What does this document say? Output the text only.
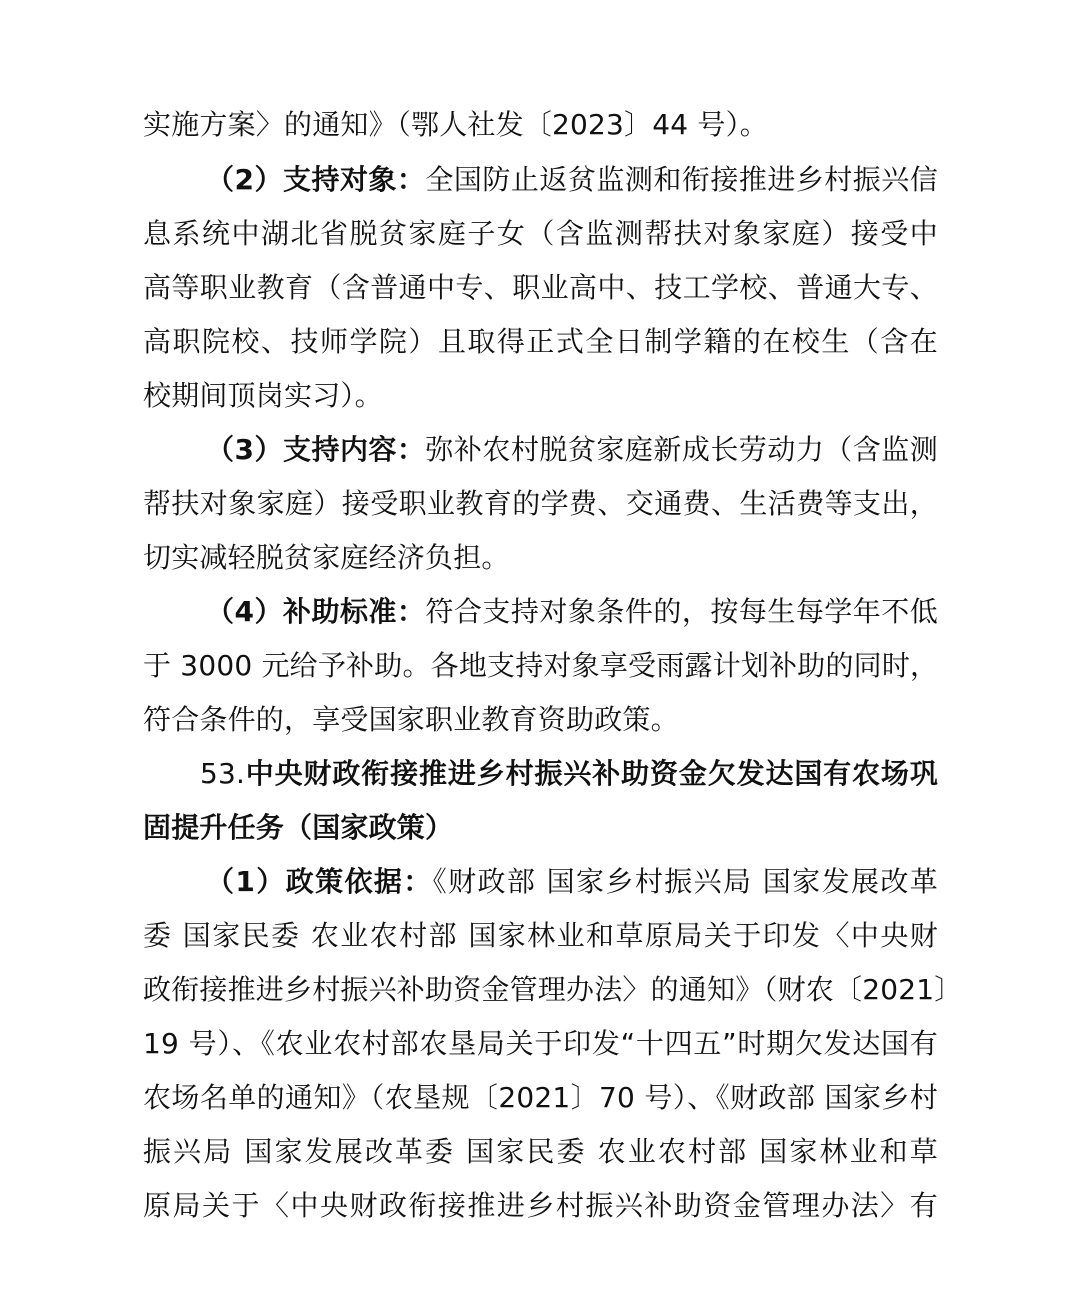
实施方案〉的通知》（鄂人社发〔2023〕44 号）。
（2）支持对象：全国防止返贫监测和衔接推进乡村振兴信
息系统中湖北省脱贫家庭子女（含监测帮扶对象家庭）接受中
高等职业教育（含普通中专、职业高中、技工学校、普通大专、
高职院校、技师学院）且取得正式全日制学籍的在校生（含在
校期间顶岗实习）。
（3）支持内容：弥补农村脱贫家庭新成长劳动力（含监测
帮扶对象家庭）接受职业教育的学费、交通费、生活费等支出，
切实减轻脱贫家庭经济负担。
（4）补助标准：符合支持对象条件的，按每生每学年不低
于 3000 元给予补助。各地支持对象享受雨露计划补助的同时，
符合条件的，享受国家职业教育资助政策。
53.中央财政衔接推进乡村振兴补助资金欠发达国有农场巩
固提升任务（国家政策）
（1）政策依据：《财政部 国家乡村振兴局 国家发展改革
委 国家民委 农业农村部 国家林业和草原局关于印发〈中央财
政衔接推进乡村振兴补助资金管理办法〉的通知》（财农〔2021〕
19 号）、《农业农村部农垦局关于印发“十四五”时期欠发达国有
农场名单的通知》（农垦规〔2021〕70 号）、《财政部 国家乡村
振兴局 国家发展改革委 国家民委 农业农村部 国家林业和草
原局关于〈中央财政衔接推进乡村振兴补助资金管理办法〉有
